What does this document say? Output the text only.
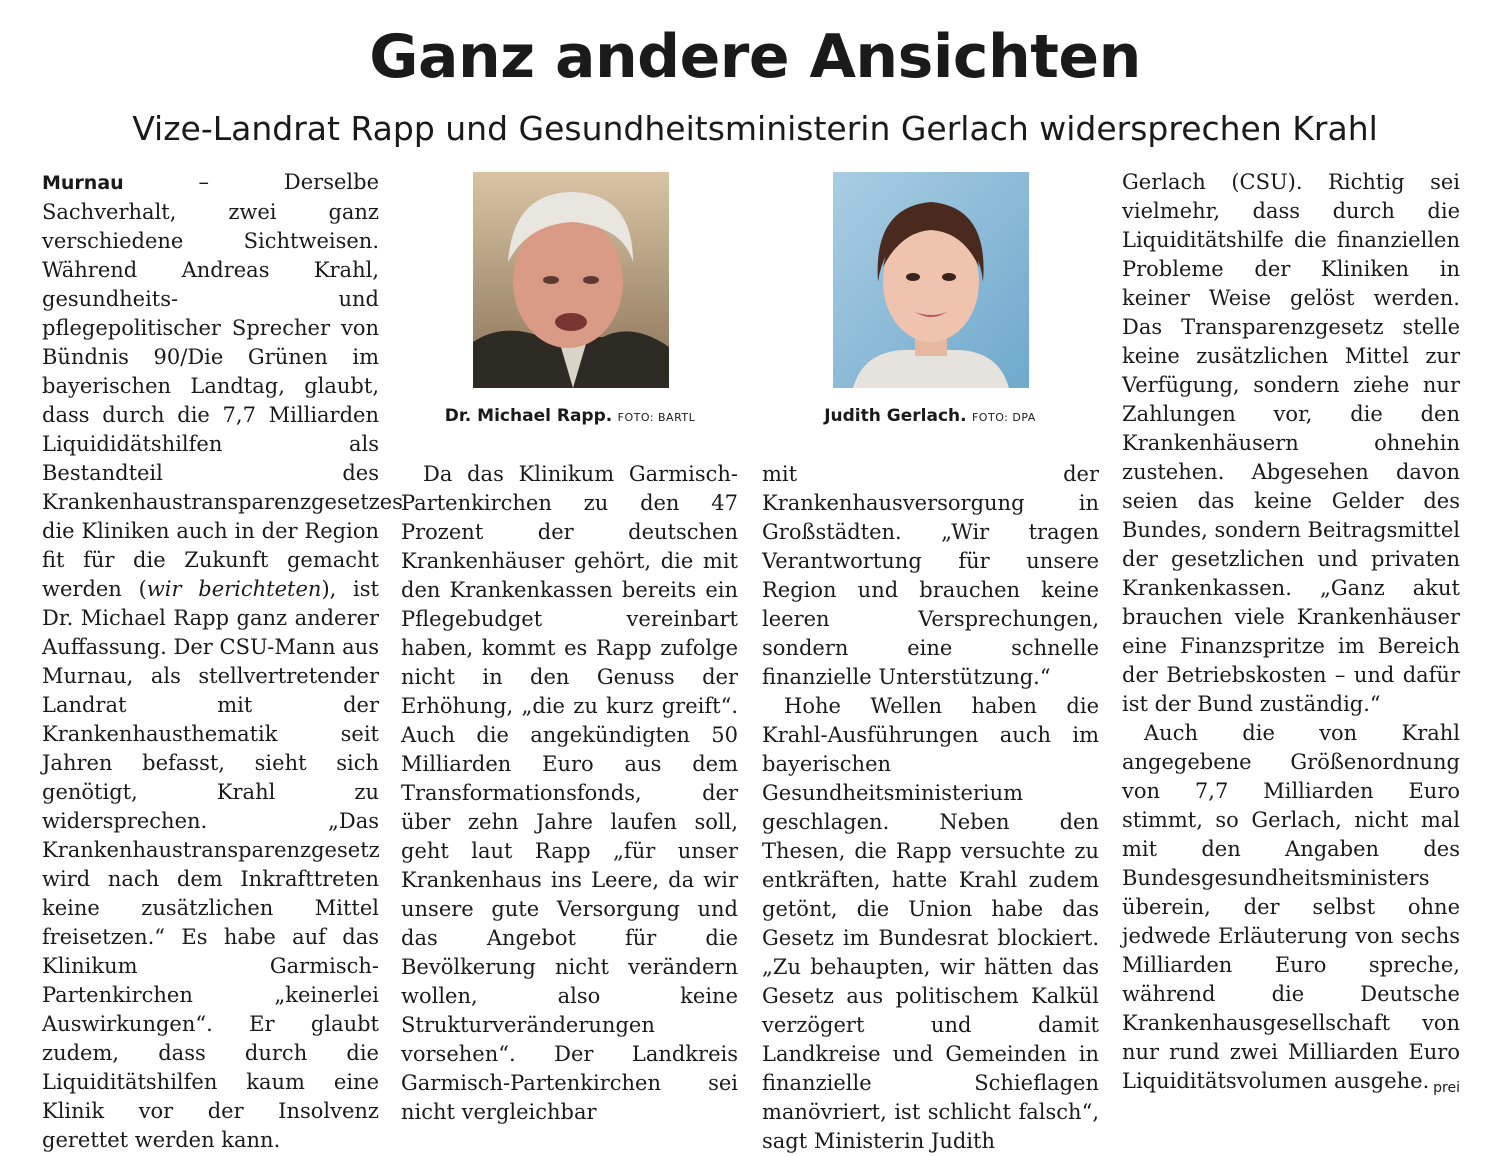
Ganz andere Ansichten
Vize-Landrat Rapp und Gesundheitsministerin Gerlach widersprechen Krahl

Murnau – Derselbe Sachverhalt, zwei ganz verschiedene Sichtweisen. Während Andreas Krahl, gesundheits- und pflegepolitischer Sprecher von Bündnis 90/Die Grünen im bayerischen Landtag, glaubt, dass durch die 7,7 Milliarden Liquididätshilfen als Bestandteil des Krankenhaustransparenzgesetzes die Kliniken auch in der Region fit für die Zukunft gemacht werden (wir berichteten), ist Dr. Michael Rapp ganz anderer Auffassung. Der CSU-Mann aus Murnau, als stellvertretender Landrat mit der Krankenhausthematik seit Jahren befasst, sieht sich genötigt, Krahl zu widersprechen. „Das Krankenhaustransparenzgesetz wird nach dem Inkrafttreten keine zusätzlichen Mittel freisetzen.“ Es habe auf das Klinikum Garmisch-Partenkirchen „keinerlei Auswirkungen“. Er glaubt zudem, dass durch die Liquiditätshilfen kaum eine Klinik vor der Insolvenz gerettet werden kann.

Dr. Michael Rapp. FOTO: BARTL	Judith Gerlach. FOTO: DPA

Da das Klinikum Garmisch-Partenkirchen zu den 47 Prozent der deutschen Krankenhäuser gehört, die mit den Krankenkassen bereits ein Pflegebudget vereinbart haben, kommt es Rapp zufolge nicht in den Genuss der Erhöhung, „die zu kurz greift“. Auch die angekündigten 50 Milliarden Euro aus dem Transformationsfonds, der über zehn Jahre laufen soll, geht laut Rapp „für unser Krankenhaus ins Leere, da wir unsere gute Versorgung und das Angebot für die Bevölkerung nicht verändern wollen, also keine Strukturveränderungen vorsehen“. Der Landkreis Garmisch-Partenkirchen sei nicht vergleichbar

mit der Krankenhausversorgung in Großstädten. „Wir tragen Verantwortung für unsere Region und brauchen keine leeren Versprechungen, sondern eine schnelle finanzielle Unterstützung.“

Hohe Wellen haben die Krahl-Ausführungen auch im bayerischen Gesundheitsministerium geschlagen. Neben den Thesen, die Rapp versuchte zu entkräften, hatte Krahl zudem getönt, die Union habe das Gesetz im Bundesrat blockiert. „Zu behaupten, wir hätten das Gesetz aus politischem Kalkül verzögert und damit Landkreise und Gemeinden in finanzielle Schieflagen manövriert, ist schlicht falsch“, sagt Ministerin Judith

Gerlach (CSU). Richtig sei vielmehr, dass durch die Liquiditätshilfe die finanziellen Probleme der Kliniken in keiner Weise gelöst werden. Das Transparenzgesetz stelle keine zusätzlichen Mittel zur Verfügung, sondern ziehe nur Zahlungen vor, die den Krankenhäusern ohnehin zustehen. Abgesehen davon seien das keine Gelder des Bundes, sondern Beitragsmittel der gesetzlichen und privaten Krankenkassen. „Ganz akut brauchen viele Krankenhäuser eine Finanzspritze im Bereich der Betriebskosten – und dafür ist der Bund zuständig.“

Auch die von Krahl angegebene Größenordnung von 7,7 Milliarden Euro stimmt, so Gerlach, nicht mal mit den Angaben des Bundesgesundheitsministers überein, der selbst ohne jedwede Erläuterung von sechs Milliarden Euro spreche, während die Deutsche Krankenhausgesellschaft von nur rund zwei Milliarden Euro Liquiditätsvolumen ausgehe. prei
